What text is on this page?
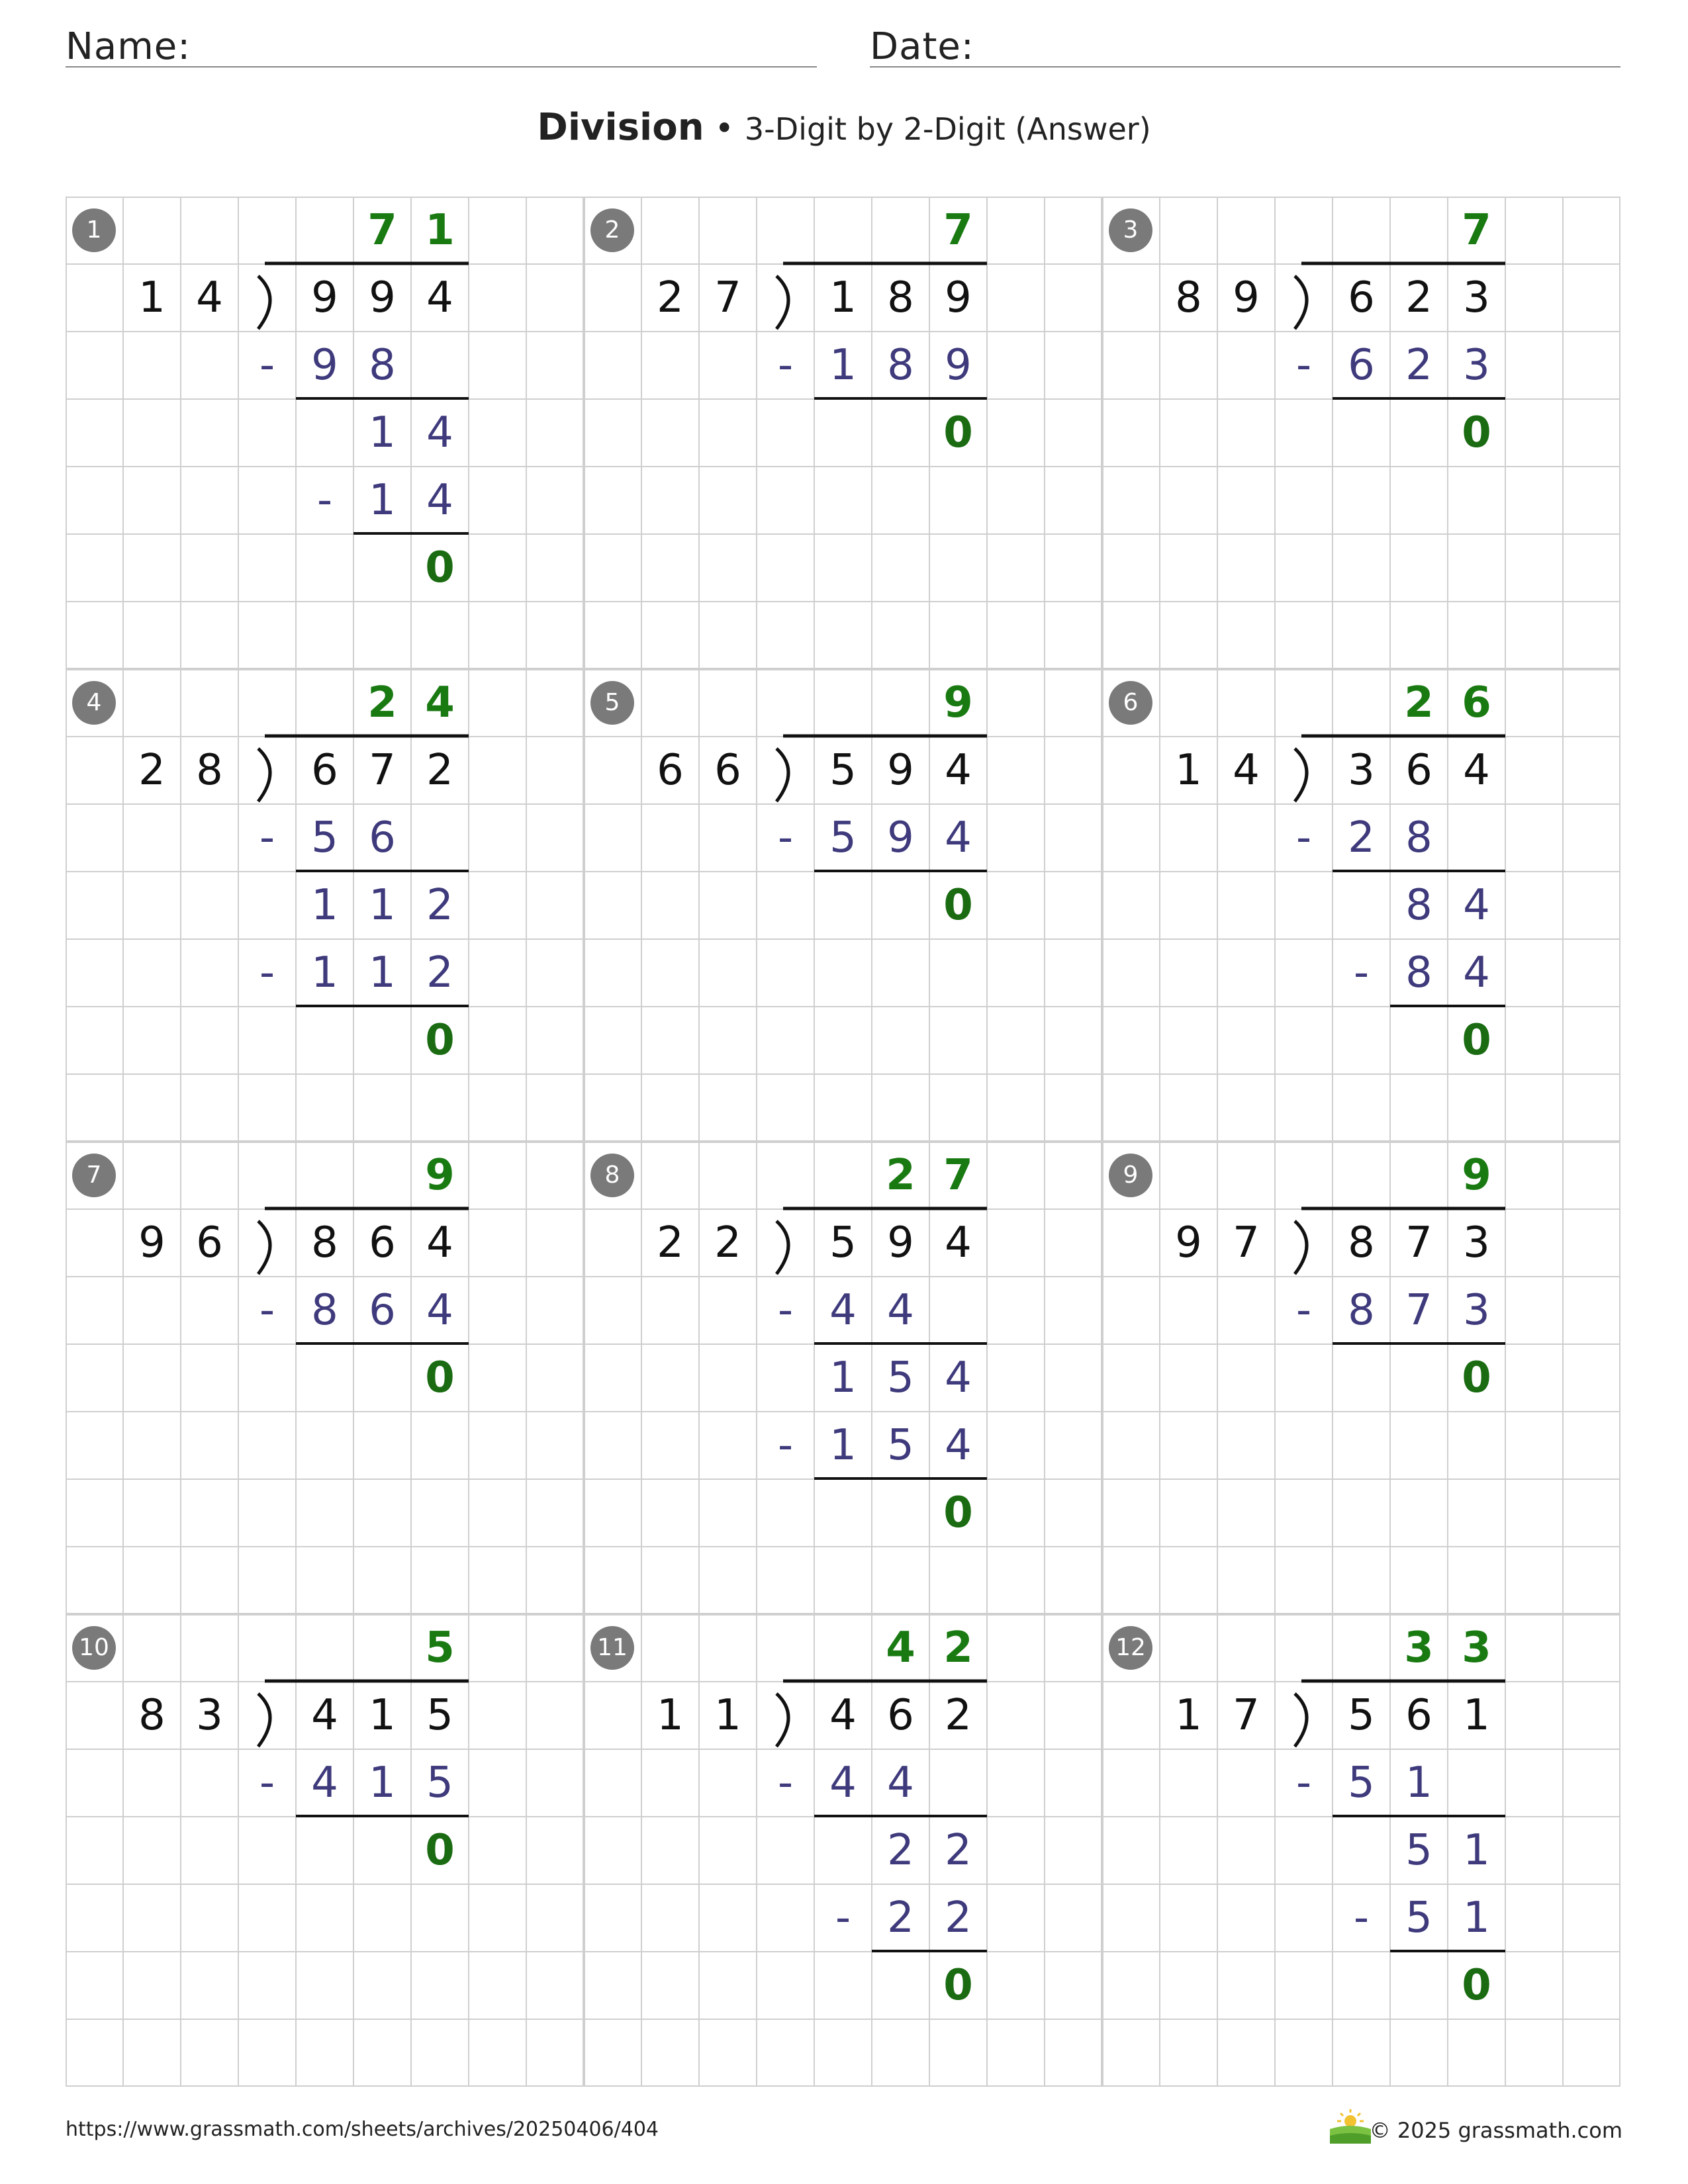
Name:	Date:
Division • 3-Digit by 2-Digit (Answer)
1
1 4	9 9 4
7 1
- 9 8
1 4
- 1 4
0
2
2 7	1 8 9
7
- 1 8 9
0
3
8 9	6 2 3
7
- 6 2 3
0
4
2 8	6 7 2
2 4
- 5 6
1 1 2
- 1 1 2
0
5
6 6	5 9 4
9
- 5 9 4
0
6
1 4	3 6 4
2 6
- 2 8
8 4
- 8 4
0
7
9 6	8 6 4
9
- 8 6 4
0
8
2 2	5 9 4
2 7
- 4 4
1 5 4
- 1 5 4
0
9
9 7	8 7 3
9
- 8 7 3
0
10
8 3	4 1 5
5
- 4 1 5
0
11
1 1	4 6 2
4 2
- 4 4
2 2
- 2 2
0
12
1 7	5 6 1
3 3
- 5 1
5 1
- 5 1
0
https://www.grassmath.com/sheets/archives/20250406/404	© 2025 grassmath.com
